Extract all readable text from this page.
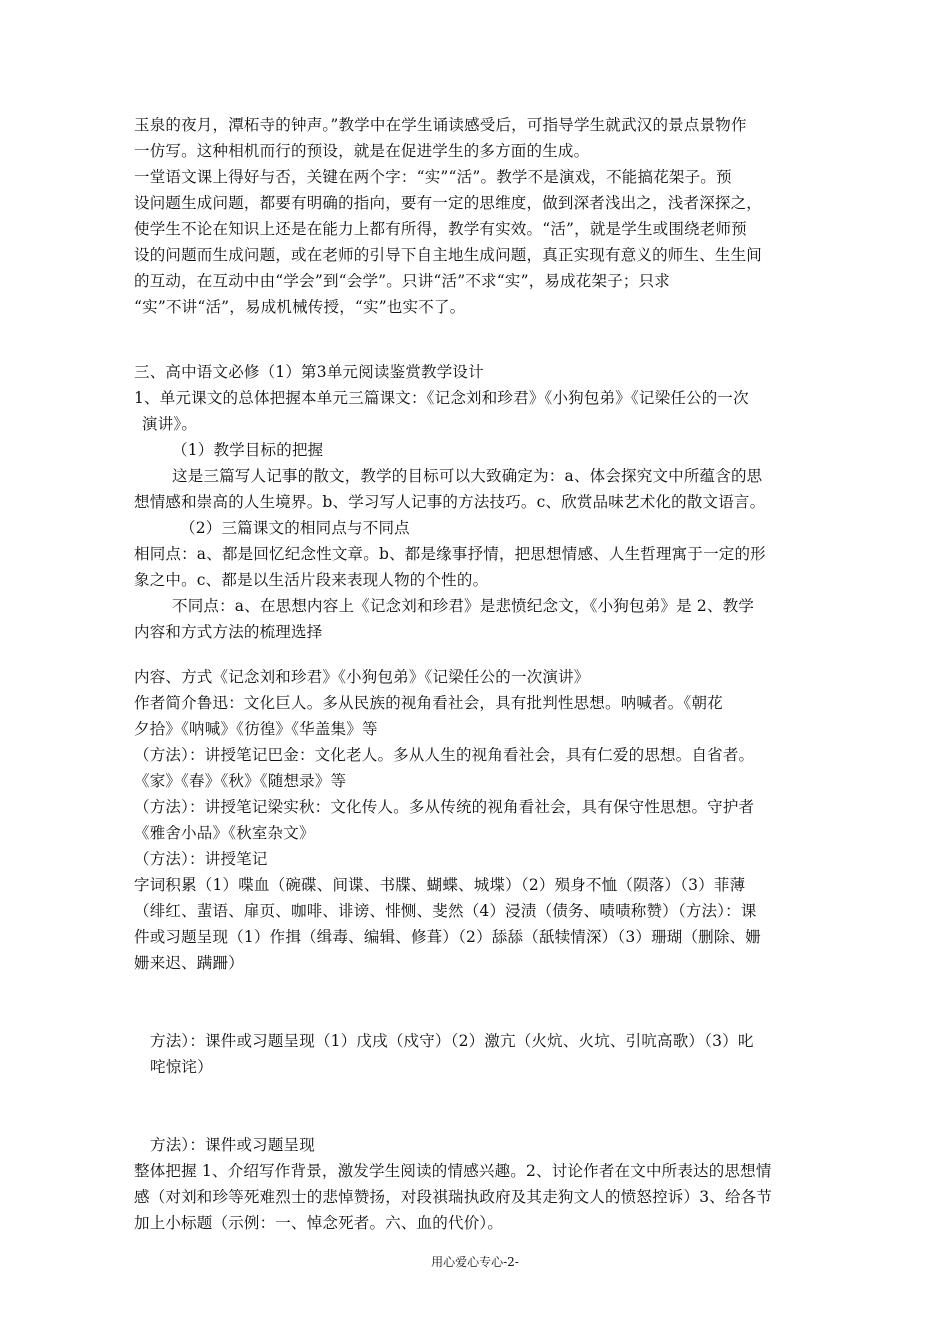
玉泉的夜月，潭柘寺的钟声。”教学中在学生诵读感受后，可指导学生就武汉的景点景物作
一仿写。这种相机而行的预设，就是在促进学生的多方面的生成。
一堂语文课上得好与否，关键在两个字：“实”“活”。教学不是演戏，不能搞花架子。预
设问题生成问题，都要有明确的指向，要有一定的思维度，做到深者浅出之，浅者深探之，
使学生不论在知识上还是在能力上都有所得，教学有实效。“活”，就是学生或围绕老师预
设的问题而生成问题，或在老师的引导下自主地生成问题，真正实现有意义的师生、生生间
的互动，在互动中由“学会”到“会学”。只讲“活”不求“实”，易成花架子；只求
“实”不讲“活”，易成机械传授，“实”也实不了。
三、高中语文必修（1）第3单元阅读鉴赏教学设计
1、单元课文的总体把握本单元三篇课文：《记念刘和珍君》《小狗包弟》《记梁任公的一次
演讲》。
（1）教学目标的把握
这是三篇写人记事的散文，教学的目标可以大致确定为：a、体会探究文中所蕴含的思
想情感和崇高的人生境界。b、学习写人记事的方法技巧。c、欣赏品味艺术化的散文语言。
（2）三篇课文的相同点与不同点
相同点：a、都是回忆纪念性文章。b、都是缘事抒情，把思想情感、人生哲理寓于一定的形
象之中。c、都是以生活片段来表现人物的个性的。
不同点：a、在思想内容上《记念刘和珍君》是悲愤纪念文，《小狗包弟》是 2、教学
内容和方式方法的梳理选择
内容、方式《记念刘和珍君》《小狗包弟》《记梁任公的一次演讲》
作者简介鲁迅：文化巨人。多从民族的视角看社会，具有批判性思想。呐喊者。《朝花
夕拾》《呐喊》《彷徨》《华盖集》等
（方法）：讲授笔记巴金：文化老人。多从人生的视角看社会，具有仁爱的思想。自省者。
《家》《春》《秋》《随想录》等
（方法）：讲授笔记梁实秋：文化传人。多从传统的视角看社会，具有保守性思想。守护者
《雅舍小品》《秋室杂文》
（方法）：讲授笔记
字词积累（1）喋血（碗碟、间谍、书牒、蝴蝶、城堞）（2）殒身不恤（陨落）（3）菲薄
（绯红、蜚语、扉页、咖啡、诽谤、悱恻、斐然（4）浸渍（债务、啧啧称赞）（方法）：课
件或习题呈现（1）作揖（缉毒、编辑、修葺）（2）舔舔（舐犊情深）（3）珊瑚（删除、姗
姗来迟、蹒跚）
方法）：课件或习题呈现（1）戊戌（戍守）（2）激亢（火炕、火坑、引吭高歌）（3）叱
咤惊诧）
方法）：课件或习题呈现
整体把握 1、介绍写作背景，激发学生阅读的情感兴趣。2、讨论作者在文中所表达的思想情
感（对刘和珍等死难烈士的悲悼赞扬，对段祺瑞执政府及其走狗文人的愤怒控诉）3、给各节
加上小标题（示例：一、悼念死者。六、血的代价）。
用心爱心专心-2-
